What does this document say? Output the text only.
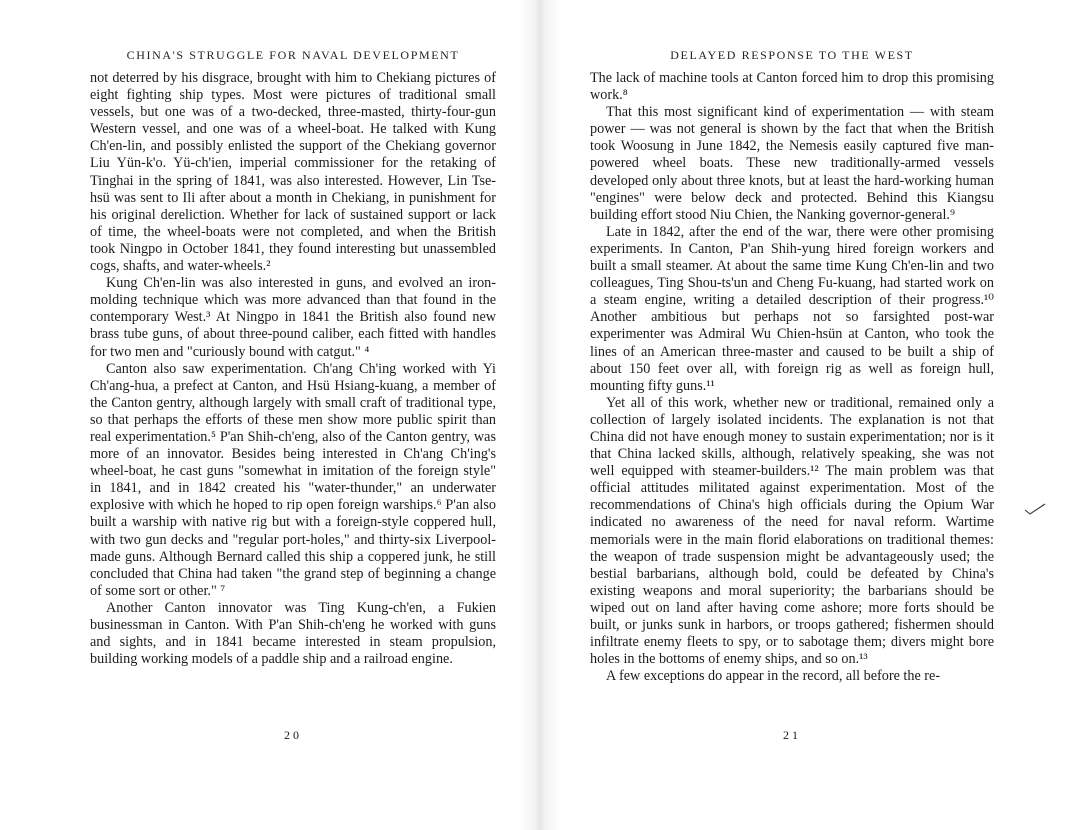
CHINA'S STRUGGLE FOR NAVAL DEVELOPMENT

not deterred by his disgrace, brought with him to Chekiang pictures of eight fighting ship types. Most were pictures of traditional small vessels, but one was of a two-decked, three-masted, thirty-four-gun Western vessel, and one was of a wheel-boat. He talked with Kung Ch'en-lin, and possibly enlisted the support of the Chekiang governor Liu Yün-k'o. Yü-ch'ien, imperial commissioner for the retaking of Tinghai in the spring of 1841, was also interested. However, Lin Tse-hsü was sent to Ili after about a month in Chekiang, in punishment for his original dereliction. Whether for lack of sustained support or lack of time, the wheel-boats were not completed, and when the British took Ningpo in October 1841, they found interesting but unassembled cogs, shafts, and water-wheels.²

Kung Ch'en-lin was also interested in guns, and evolved an iron-molding technique which was more advanced than that found in the contemporary West.³ At Ningpo in 1841 the British also found new brass tube guns, of about three-pound caliber, each fitted with handles for two men and "curiously bound with catgut." ⁴

Canton also saw experimentation. Ch'ang Ch'ing worked with Yi Ch'ang-hua, a prefect at Canton, and Hsü Hsiang-kuang, a member of the Canton gentry, although largely with small craft of traditional type, so that perhaps the efforts of these men show more public spirit than real experimentation.⁵ P'an Shih-ch'eng, also of the Canton gentry, was more of an innovator. Besides being interested in Ch'ang Ch'ing's wheel-boat, he cast guns "somewhat in imitation of the foreign style" in 1841, and in 1842 created his "water-thunder," an underwater explosive with which he hoped to rip open foreign warships.⁶ P'an also built a warship with native rig but with a foreign-style coppered hull, with two gun decks and "regular port-holes," and thirty-six Liverpool-made guns. Although Bernard called this ship a coppered junk, he still concluded that China had taken "the grand step of beginning a change of some sort or other." ⁷

Another Canton innovator was Ting Kung-ch'en, a Fukien businessman in Canton. With P'an Shih-ch'eng he worked with guns and sights, and in 1841 became interested in steam propulsion, building working models of a paddle ship and a railroad engine.

20
DELAYED RESPONSE TO THE WEST

The lack of machine tools at Canton forced him to drop this promising work.⁸

That this most significant kind of experimentation — with steam power — was not general is shown by the fact that when the British took Woosung in June 1842, the Nemesis easily captured five man-powered wheel boats. These new traditionally-armed vessels developed only about three knots, but at least the hard-working human "engines" were below deck and protected. Behind this Kiangsu building effort stood Niu Chien, the Nanking governor-general.⁹

Late in 1842, after the end of the war, there were other promising experiments. In Canton, P'an Shih-yung hired foreign workers and built a small steamer. At about the same time Kung Ch'en-lin and two colleagues, Ting Shou-ts'un and Cheng Fu-kuang, had started work on a steam engine, writing a detailed description of their progress.¹⁰ Another ambitious but perhaps not so farsighted post-war experimenter was Admiral Wu Chien-hsün at Canton, who took the lines of an American three-master and caused to be built a ship of about 150 feet over all, with foreign rig as well as foreign hull, mounting fifty guns.¹¹

Yet all of this work, whether new or traditional, remained only a collection of largely isolated incidents. The explanation is not that China did not have enough money to sustain experimentation; nor is it that China lacked skills, although, relatively speaking, she was not well equipped with steamer-builders.¹² The main problem was that official attitudes militated against experimentation. Most of the recommendations of China's high officials during the Opium War indicated no awareness of the need for naval reform. Wartime memorials were in the main florid elaborations on traditional themes: the weapon of trade suspension might be advantageously used; the bestial barbarians, although bold, could be defeated by China's existing weapons and moral superiority; the barbarians should be wiped out on land after having come ashore; more forts should be built, or junks sunk in harbors, or troops gathered; fishermen should infiltrate enemy fleets to spy, or to sabotage them; divers might bore holes in the bottoms of enemy ships, and so on.¹³

A few exceptions do appear in the record, all before the re-

21
